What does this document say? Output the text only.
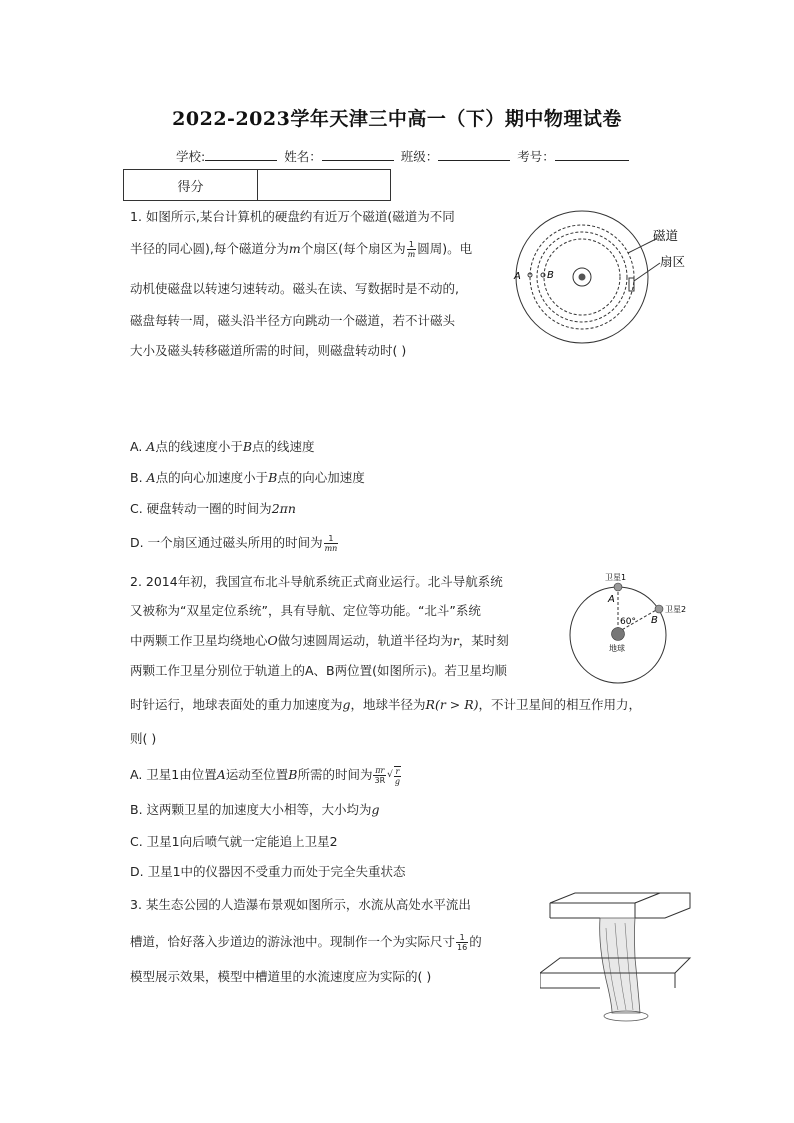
2022-2023学年天津三中高一（下）期中物理试卷
学校:	姓名：	班级：	考号：
得分	
1. 如图所示,某台计算机的硬盘约有近万个磁道(磁道为不同
半径的同心圆),每个磁道分为m个扇区(每个扇区为 $\frac{1}{m}$ 圆周)。电
动机使磁盘以转速匀速转动。磁头在读、写数据时是不动的,
磁盘每转一周，磁头沿半径方向跳动一个磁道，若不计磁头
大小及磁头转移磁道所需的时间，则磁盘转动时( )
A	B
磁道
扇区
A. A点的线速度小于B点的线速度
B. A点的向心加速度小于B点的向心加速度
C. 硬盘转动一圈的时间为2πn
D. 一个扇区通过磁头所用的时间为 $\frac{1}{mn}$
2. 2014年初，我国宣布北斗导航系统正式商业运行。北斗导航系统
又被称为“双星定位系统”，具有导航、定位等功能。“北斗”系统
中两颗工作卫星均绕地心O做匀速圆周运动，轨道半径均为r，某时刻
两颗工作卫星分别位于轨道上的A、B两位置(如图所示)。若卫星均顺
时针运行，地球表面处的重力加速度为g，地球半径为R(r > R)，不计卫星间的相互作用力，
则( )
卫星1
卫星2
A
B
60°
地球
A. 卫星1由位置A运动至位置B所需的时间为 $\frac{\pi r}{3R}$ √ $\frac{r}{g}$
B. 这两颗卫星的加速度大小相等，大小均为g
C. 卫星1向后喷气就一定能追上卫星2
D. 卫星1中的仪器因不受重力而处于完全失重状态
3. 某生态公园的人造瀑布景观如图所示，水流从高处水平流出
槽道，恰好落入步道边的游泳池中。现制作一个为实际尺寸 $\frac{1}{16}$ 的
模型展示效果，模型中槽道里的水流速度应为实际的( )
